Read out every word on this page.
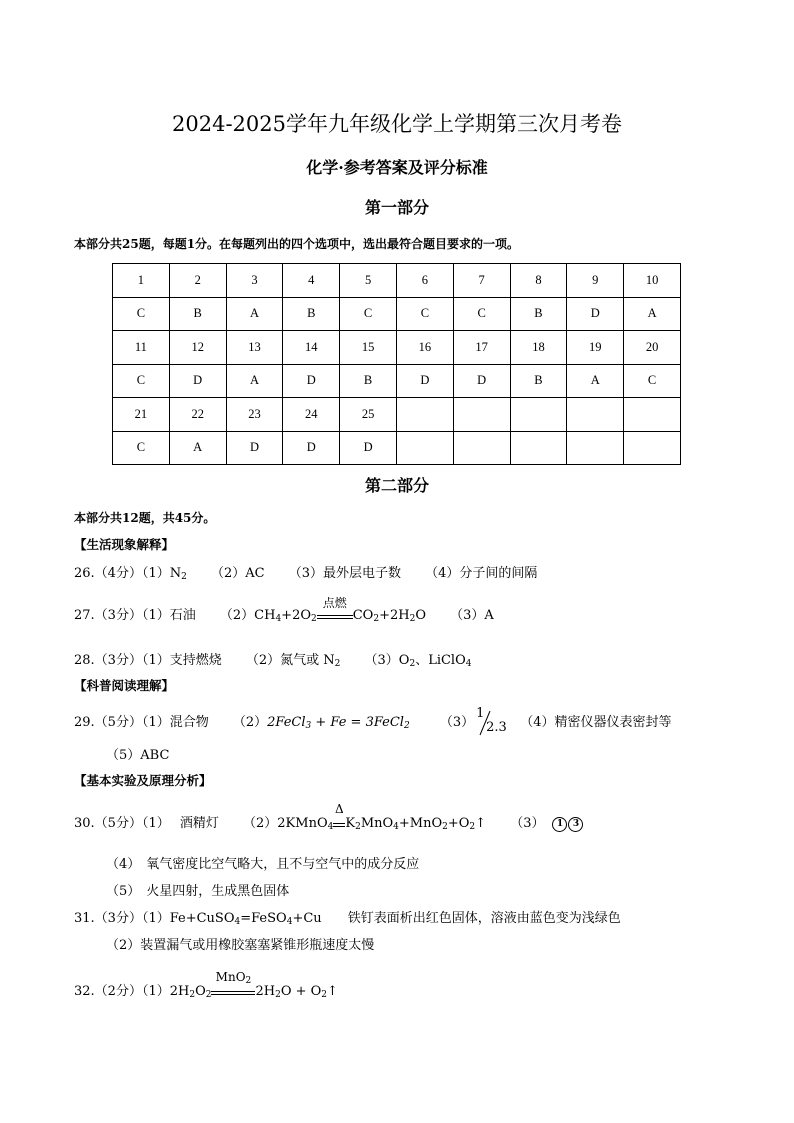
2024-2025学年九年级化学上学期第三次月考卷
化学·参考答案及评分标准
第一部分
本部分共25题，每题1分。在每题列出的四个选项中，选出最符合题目要求的一项。
1	2	3	4	5	6	7	8	9	10
C	B	A	B	C	C	C	B	D	A
11	12	13	14	15	16	17	18	19	20
C	D	A	D	B	D	D	B	A	C
21	22	23	24	25					
C	A	D	D	D					
第二部分
本部分共12题，共45分。
【生活现象解释】
26.（4分）$(1)N_2$ （2）AC （3）最外层电子数 （4）分子间的间隔
27.（3分）（1）石油 $(2)CH_4+2O_2$
点燃
$CO_2+2H_2O$ （3）A
28.（3分）（1）支持燃烧 （2）氮气或 $N_2$ $(3)O_2$、LiClO$_4$
【科普阅读理解】
29.（5分）（1）混合物 （2）2FeCl$_3$ + Fe = 3FeCl$_2$ （3）
1
2.3 （4）精密仪器仪表密封等
（5）ABC
【基本实验及原理分析】
30.（5分）（1） 酒精灯 （2）2KMnO$_4$
Δ
$K_2MnO_4+MnO_2+O_2↑$ （3） 1 3
（4） 氧气密度比空气略大，且不与空气中的成分反应
（5） 火星四射，生成黑色固体
31.（3分）（1）Fe+CuSO$_4$=FeSO$_4$+Cu 铁钉表面析出红色固体，溶液由蓝色变为浅绿色
（2）装置漏气或用橡胶塞塞紧锥形瓶速度太慢
32.（2分）$(1)2H_2O_2$
MnO$_2$
$2H_2O$ + $O_2↑$
